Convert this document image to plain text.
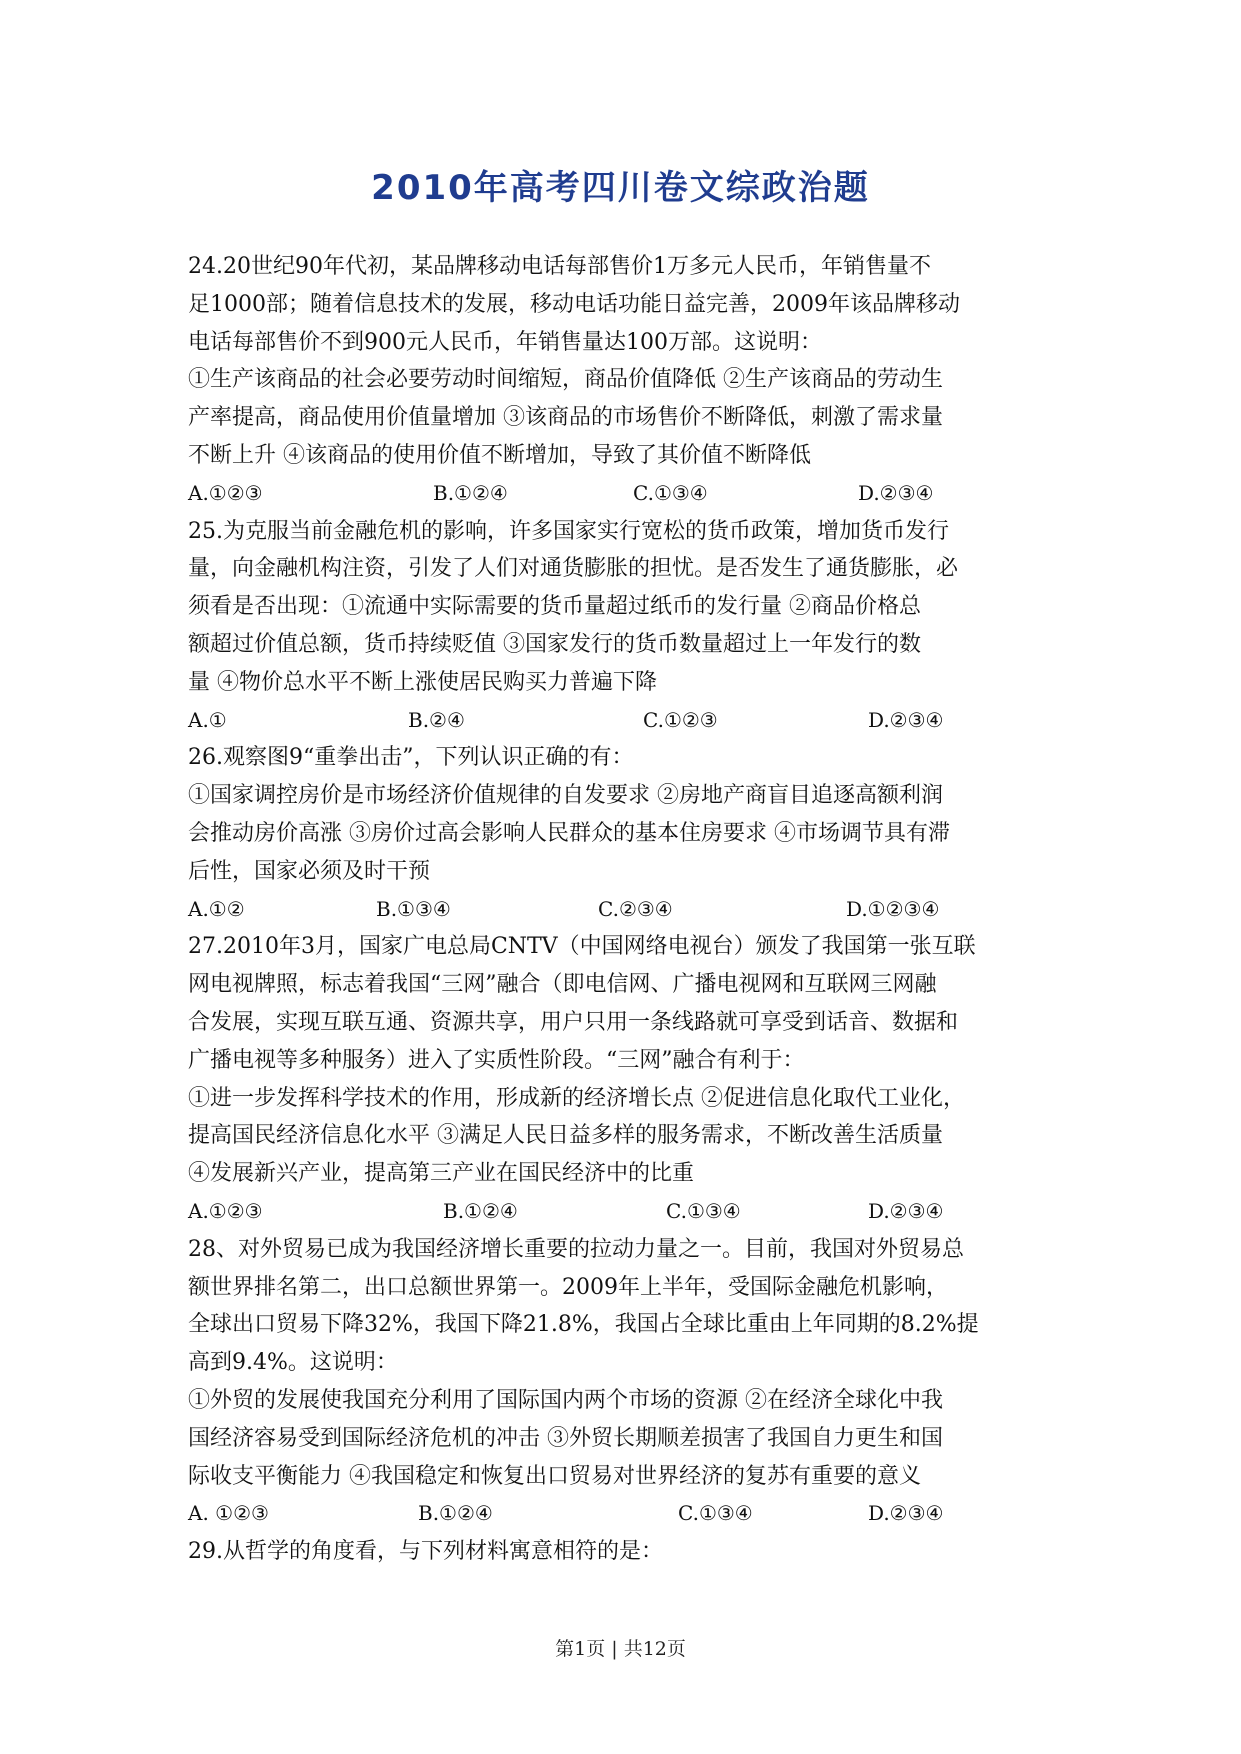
2010年高考四川卷文综政治题
24.20世纪90年代初，某品牌移动电话每部售价1万多元人民币，年销售量不
足1000部；随着信息技术的发展，移动电话功能日益完善，2009年该品牌移动
电话每部售价不到900元人民币，年销售量达100万部。这说明：
①生产该商品的社会必要劳动时间缩短，商品价值降低 ②生产该商品的劳动生
产率提高，商品使用价值量增加 ③该商品的市场售价不断降低，刺激了需求量
不断上升 ④该商品的使用价值不断增加，导致了其价值不断降低
A.①②③	B.①②④	C.①③④	D.②③④
25.为克服当前金融危机的影响，许多国家实行宽松的货币政策，增加货币发行
量，向金融机构注资，引发了人们对通货膨胀的担忧。是否发生了通货膨胀，必
须看是否出现：①流通中实际需要的货币量超过纸币的发行量 ②商品价格总
额超过价值总额，货币持续贬值 ③国家发行的货币数量超过上一年发行的数
量 ④物价总水平不断上涨使居民购买力普遍下降
A.①	B.②④	C.①②③	D.②③④
26.观察图9“重拳出击”，下列认识正确的有：
①国家调控房价是市场经济价值规律的自发要求 ②房地产商盲目追逐高额利润
会推动房价高涨 ③房价过高会影响人民群众的基本住房要求 ④市场调节具有滞
后性，国家必须及时干预
A.①②	B.①③④	C.②③④	D.①②③④
27.2010年3月，国家广电总局CNTV（中国网络电视台）颁发了我国第一张互联
网电视牌照，标志着我国“三网”融合（即电信网、广播电视网和互联网三网融
合发展，实现互联互通、资源共享，用户只用一条线路就可享受到话音、数据和
广播电视等多种服务）进入了实质性阶段。“三网”融合有利于：
①进一步发挥科学技术的作用，形成新的经济增长点 ②促进信息化取代工业化，
提高国民经济信息化水平 ③满足人民日益多样的服务需求，不断改善生活质量
④发展新兴产业，提高第三产业在国民经济中的比重
A.①②③	B.①②④	C.①③④	D.②③④
28、对外贸易已成为我国经济增长重要的拉动力量之一。目前，我国对外贸易总
额世界排名第二，出口总额世界第一。2009年上半年，受国际金融危机影响，
全球出口贸易下降32%，我国下降21.8%，我国占全球比重由上年同期的8.2%提
高到9.4%。这说明：
①外贸的发展使我国充分利用了国际国内两个市场的资源 ②在经济全球化中我
国经济容易受到国际经济危机的冲击 ③外贸长期顺差损害了我国自力更生和国
际收支平衡能力 ④我国稳定和恢复出口贸易对世界经济的复苏有重要的意义
A. ①②③	B.①②④	C.①③④	D.②③④
29.从哲学的角度看，与下列材料寓意相符的是：
第1页 | 共12页
